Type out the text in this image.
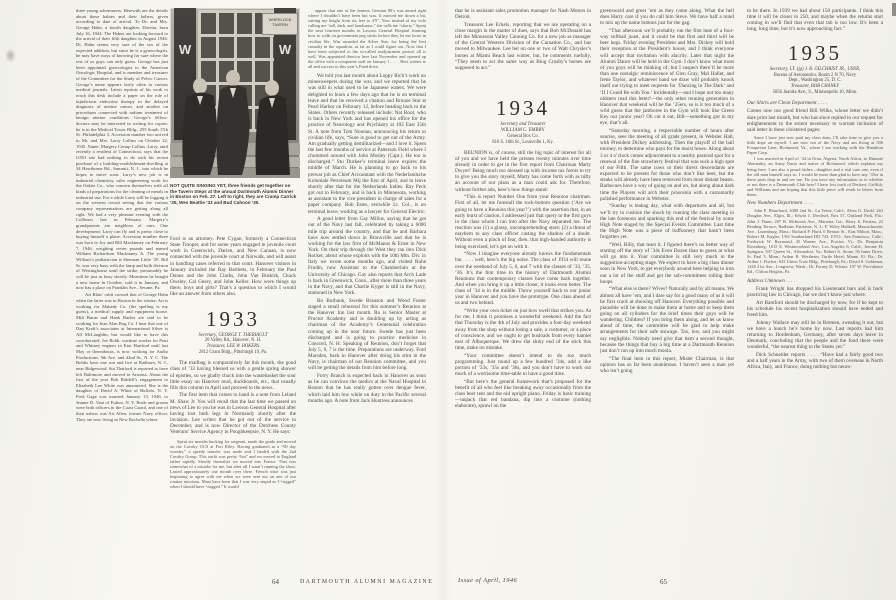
three young adventurers. Herewith are the details about these babies and their fathers, given according to date of arrival. To Dr. and Mrs. George Hahn, a fourth daughter, Doretta, born July 16, 1944. The Hahns are looking forward to the arrival of their fifth daughter in August 1946. Dr. Hahn seems very sure of the sex of the expected addition, but since he is a gynecologist, he may have ways of knowing for sure where the rest of us guys can only guess. George has just been appointed gynecologist to the American Oncologic Hospital, and is member and treasurer of the Committee for the Study of Pelvic Cancer. George’s name appears fairly often in various medical journals. Latest reprints of his work to reach this desk include a paper on the role of injudicious endocrine therapy in the delayed diagnosis of uterine cancer, and another on procedures connected with radium treatment of benign uterine conditions. George’s fellow-doctors may be interested in writing for copies: he is in the Medical Tower Bldg., 255 South 17th St. Philadelphia 3. Accession number two arrived to Mr. and Mrs. Larry Collins on October 22, 1945. Name: Margery Cresap Collins. Larry, until recently a resident of Connecticut, says that the UNO site had nothing to do with his recent purchase of a building-establishment-dwelling at 34 Hawthorne Rd., Summit, N. J., into which he hopes to move soon. Larry’s new job is in industrial chemistry, sales engineering work for the Oakite Co., who concern themselves with all kinds of preparations for the cleaning of metals in industrial use. For a while Larry will be logging it on the western circuit seeing that the various company representatives are getting along all right. We had a very pleasant evening with the Collinses late in February. Margery’s grandparents are neighbors of ours. One development: Larry can fly and is pretty close to buying himself a plane. Accession number three was born to Joy and Bill Mackinney on February 7, 1946, weighing seven pounds and named William Richardson Mackinney Jr. The young William’s pediatrician is Sherman Little ’29. Bill Sr. was very busy with the lamp and bulb division of Westinghouse until the strike; presumably he will be just as busy shortly. Meantime he bought a new home in October, sold it in January, and now has a place on Franklin Ave., Secane, Pa.

Art Blais’ orbit crossed that of George Hahn when the latter was in Boston in the winter; Art is working for Mahady Co. (the spelling is my guess), a medical supply and equipment house. Milt Burns and Hank Barber are said to be working for Jean Alan Rug Co. I hear that one of Dan Kraft’s associates at International Silver is Alf McLaughlin, but would like to have this corroborated. Joe Boldt, wartime worker for Pratt and Whitney engines in East Hartford until last May or thereabouts, is now working for Audio Productions, 9th Ave. and 42nd St., N. Y. C. The Boldts have one son and live at Radburn, N. J., near Ridgewood. Stu Thatford is reported to have left Baltimore and moved to Arizona. About the first of the year Bob Riddell’s engagement to Elizabeth Lee White was announced. She is the daughter of David A. White of Buffalo, N. Y. Fred Gage was married January 13, 1946, to Jeanne D. Vant of Fulton, N. Y. Bride and groom were both officers in the Coast Guard, and one of their ushers was Art Allen, former Navy officer. They are now living in New Rochelle where

W	W
WHEELOCK
TAVERN
NOT QUITE SINGING YET, three friends get together on the Tavern Steps at the annual Dartmouth Alumni Dinner in Boston on Feb. 27. Left to right, they are Cramp Carrick ’35, Wes Beattie ’33 and Bud Cahoon ’35.

Ford is an attorney. Pete Cygan, formerly a Connecticut State Trooper, and for some years engaged in juvenile court work in Greenwich, Darien, and New Canaan, is now connected with the juvenile court at Norwalk, and will assist in handling cases referred to that court. Hanover visitors in January included the Ray Bartletts, in February the Paul Dunns and the John Clarks, John Van Buskirk, Chuck Owsley, Cal Geary, and John Keller. How were things up there, boys and girls? That’s a question to which I would like an answer from others also.

1933

Secretary, GEORGE T. THERIAULT

20 Valley Rd., Hanover, N. H.

Treasurer, LEE W. BOKERS

2812 Grant Bldg., Pittsburgh 19, Pa.

The mailbag is comparatively fat this month, the good class of ’33 having blessed us with a gentle spring shower of epistles, so we gladly chuck into the wastebasket the sour little essay on Hanover mud, duckboards, etc., that usually fills this column in April and proceed to the news.

The first item that comes to hand is a note from Leland M. Shaw Jr. You will recall that the last time we passed on news of Lee to you he was in Lawson General Hospital after having lost both legs in Normandy shortly after the invasion. Lee writes that he got out of the service in December, and is now Director of the Dutchess County Veterans’ Service Agency in Poughkeepsie, N. Y. He says:

Spent six months bucking for sergeant, made the grade and moved on the Cavalry OCS at Fort Riley. Having graduated as a “90 day wonder,” a speedy transfer was made and I landed with the 2nd Cavalry Group. This outfit was pretty “hot” and we moved to England rather rapidly. Shortly thereafter we moved into France. That was somewhat of a mistake for me, but after all I wasn’t running the show. Lasted approximately one month over there. French wine was just beginning to agree with me when we were sent out on one of our routine missions. Must have been that I was very stupid as I “zigged” when I should have “zagged.” It would

appear that one of the famous German 88’s was aimed right where I shouldn’t have been but was. It mowed me down a bit, cutting my height from six feet to 4′9″. Now instead of my wife calling me “tall, dark, and handsome,” she calls me “shorty.” Spent the next fourteen months in Lawson General Hospital learning how to walk on government peg sticks before they let me loose in civilian life. Was awarded the Silver Star, for being the first casualty in the squadron, as far as I could figure out. Now that I have been subjected to the so-called readjustment period, all is well. Was appointed director here last November and opened up the office with a competent staff on January 1 . . . . Best wishes to all and success to this year’s Fund drive.

We told you last month about Loppy Rich’s work on minesweepers during the war, and we reported that he was still in what used to be Japanese waters. We were delighted to learn a few days ago that he is on terminal leave and that he received a citation and Bronze Star at Pearl Harbor on February 12, before heading back to the States. Others recently released include: Nat Root, who is back in New York and has opened his office for the practice of Neurology and Psychiatry at 102 East 35th St. A note from Tom Noonan, announcing his return to civilian life, says, “Sure is good to get out of the Army. Am gradually getting demilitarized—and I love it. Spent the last few months of service at Patterson Field where I chummed around with John Mosley (Capt.). He too is discharged.” Stu Durkee’s terminal leave expires the middle of March. He is planning to go back to his prewar job as Chief Accountant with the Nederlandsche Koloniale Petroleum Mij the first of April, and to leave shortly after that for the Netherlands Indies. Ray Peck got out in February, and is back in Minnesota, working as assistant to the vice president in charge of sales for a paper company. Bob Estes, erstwhile Lt. Col., is on terminal leave, working as a lawyer for General Electric.

A good letter from Gay Milius, saying that he got out of the Navy last fall, celebrated by taking a 6000 mile trip around the country, and that he and Barbara have now settled down in Bronxville and that he is working for the law firm of McManus & Ernst in New York. On their trip through the West they ran into Dick Rocker, about whose exploits with the 10th Mtn. Div. in Italy we wrote some months ago, and visited Rube Frodin, now Assistant to the Chamberlain at the University of Chicago. Gay also reports that Arch Lade is back in Greenwich, Conn., after more than three years in the Navy, and that Charlie Kyger is still in the Navy, stationed in New York.

Ro Burbank, Swede Branson and Wood Foster staged a small rehearsal for this summer’s Reunion at the Hanover Inn last month. Ro is Senior Master at Proctor Academy and is doubling up by acting as chairman of the Academy’s Centennial celebration coming up in the near future. Swede has just been discharged and is going to practice medicine in Concord, N. H. Speaking of Reunion, don’t forget that July 5, 6, 7 is the time. Preparations are underway. Ford Marsden, back in Hanover after doing his stint in the Navy, is chairman of our Reunion committee, and you will be getting the details from him before long.

Forry Branch is expected back in Hanover as soon as he can convince the medics at the Naval Hospital in Boston that he has really gotten over dengue fever, which laid him low while on duty in the Pacific several months ago. A note from Jack Huntress announces

64	DARTMOUTH ALUMNI MAGAZINE

that he is assistant sales promotion manager for Nash Motors in Detroit.

Treasurer Lee Eckels, reporting that we are operating on a close margin in the matter of dues, says that Bob McDonald has left the Minnesota Valley Canning Co. for a new job as manager of the Central Western Division of the Carnation Co., and has moved to Milwaukee. Lee bet on one or two of Walt Chrysler’s horses at Miami Beach last winter, but, he comments ruefully, “They seem to act the same way as Bing Crosby’s horses are supposed to act.”

1934

Secretary and Treasurer

WILLIAM C. EMBRY

General Box Co.

816 S. 16th St., Louisville 1, Ky.

REUNION is, of course, still the big topic of interest for all of you and we have held the presses twenty minutes over time already in order to get in the first report from Chairman Marty Dwyer! Being much too messed up with income tax forms to try to give you the story myself, Marty has come forth with as nifty an account of our plans as a man could ask for. Therefore, without further ado, here’s how things stand:

“This is report Number One from your Reunion chairman. First of all, let me forestall the rock-bottom question (‘Are we going to have a Reunion this year?’) with the assertion that, in an early burst of caution, I addressed just that query to the first guys in the class whom I ran into after the Navy separated me. The reaction was (1) a glassy, uncomprehending stare; (2) a threat of mayhem to any class officer casting the shadow of a doubt. Without even a pinch of fear, then, that high-handed authority is being exercised, let’s get on with it.

“Now I imagine everyone already knows the fundamentals but . . . . well, here’s the big noise. The class of 1934 will reune over the weekend of July 5, 6, and 7 with the classes of ’33, ’35, ’36. It’s the first time in the history of Dartmouth Alumni Reunions that contemporary classes have come back together. And when you bring it up a little closer, it looks even better. The class of ’34 is in the middle. Throw yourself back to our junior year in Hanover and you have the prototype. One class ahead of us and two behind.

“Write your own ticket on just how swell that strikes you. As for me, I think it promises a wonderful weekend. Add the fact that Thursday is the 4th of July and provides a four-day weekend away from the shop without losing a sale, a customer, or a piece of conscience, and we ought to get busloads from every hamlet east of Albuquerque. We drew the shiny end of the stick this time, make no mistake.

“Your committee doesn’t intend to do too much programming. Just round up a few hundred ’34s, add a like portion of ’33s, ’35s and ’36s, and you don’t have to work out much of a worrisome time-table to have a good time.

“But here’s the general framework that’s proposed for the benefit of all who feel like breaking away occasionally from the class beer tent and the old upright piano. Friday is basic training—unpack that red bandana, dip into a costume (nothing elaborate), sprawl on the

greensward and greet ’em as they come along. What the hell does Harry care if you do call him Steve. We have half a mind to mix up the name buttons just for the gag.

“That afternoon we’ll probably run the first heat of a four-way softball joust, and it could be that first and third will be beer kegs. Friday evening President and Mrs. Dickey will hold their reception at the President’s house, and I think everyone will accept that invitation with alacrity. Later that night the Alumni Dance will be held in the Gym. I don’t know what most of you guys will be thinking of, but I suspect there’ll be more than one nostalgic reminiscence of Glen Gray, Mal Hallet, and Irene Taylor, and whatever band we draw will probably knock itself out trying to meet requests for ‘Dancing in The Dark’ and ‘If I Could Be with You.’ Incidentally—and I hope not too many oldsters read this letter!—the only other reuning generation in Hanover that weekend will be the ’35ers, so is it too much of a wild guess that the jamboree in the Gym will look like Green Key our junior year? Oh cut it out, Bill—something got in my eye, that’s all.

“Saturday morning, a respectable number of hours after sunrise, sees the meeting of all grads present, in Webster Hall, with President Dickey addressing. Then the playoff of the ball tourney, to determine who pays for the moist hoses. Along about 3 or 4 o’clock comes adjournment to a nearby pastoral spot for a renewal of the fine strawberry festival that was such a high spot of our Fifth. The same cows or their direct descendants are expected to be present for those who don’t like beer, but the steaks will already have been removed from most distant beasts. Barbecues have a way of going on and on, but along about dark time the Players will arch their proscenia with a customarily polished performance in Webster.

“Sunday is teabag day, what with departures and all, but we’ll try to cushion the shock by running the class meeting in the late forenoon and sparking this end of the festival by some High Note staged by the Special Events Committee. Last time the High Note was a piece of buffoonery that hasn’t been forgotten yet.

“Well, Billy, that tears it. I figured there’s no better way of starting off the story of ’34s Even Dozen than to guess at what will go into it. Your committee is still very much in the suggestion-accepting stage. We expect to have a big class dinner soon in New York, to get everybody around here helping to iron out a lot of the stuff and get the sub-committees rolling their hoops.

“What else is there? Wives? Naturally and by all means. We almost all have ’em, and I dare say for a good many of us it will be first crack at showing off Hanover. Everything possible and plausible will be done to make them at home and to keep them going on all cylinders for the brief times their guys will be wandering. Children? If you bring them along, and let us know ahead of time, the committee will be glad to help make arrangements for their safe stowage. Tax, low, and you might say negligible. Nobody need give that item a second thought, because the things that buy a big time at a Dartmouth Reunion just don’t run up into much moola.

“The final item in this report, Mister Chairman, is that opinion has so far been unanimous. I haven’t seen a man yet who isn’t going

to be there. In 1939 we had about 150 participants. I think this time it will be closer to 250, and maybe when the returns start coming in we’ll find that even that tab is too low. It’s been a long, long time, but it’s now approaching fact.”

1935

Secretary, LT. (jg) J. B. GILCHRIST JR., USNR,

Bureau of Aeronautics, Room 2 N 70, Navy

Dept., Washington 25, D. C.

Treasurer, BOB CHANEY

5056 Juanita Ave., S., Minneapolis 10, Minn.

Our Shirts are Clean Department . . . .

Comes now our good friend Bill Wilks, whose letter we didn’t dare print last month, but who has since replied to our request for enlightenment to the extent necessary to warrant inclusion of said letter in these cloistered pages:

Since I have just now paid my class dues, I’ll take time to give you a little dope on myself. I am now out of the Navy and am living at 506 Fouqurean Lane, Richmond, Va., where I am working with the Hamilton Paper Corp.

I was married in April of ’44 in Oran, Algeria, North Africa, to Dimmie Abernathy, an Army Nurse and native of Richmond, which explains my being here. I am also a proud father—daughter and a real cute one, even if the old man himself says so. I would be more than glad to have any ’35er in these parts drop in and see me. Do you have any information as to whether or not there is a Dartmouth Club here? I have lost track of Deckert, Griffith, and Williams and am hoping that this little piece will result in letters from them.

New Numbers Department . . . .

John F. Blanchard, 2080 2nd St., La Verne, Calif.; Alvin G. Dodd, 263 Douglas Ave., Elgin, Ill.; Edwin J. Drechsel, Box 57, Oakland Park, Fla.; John J. Dunn, 207 B. McIntosh Ave., Marietta, Ga.; Harry S. Ferrian, 22 Reading Terrace, Radburn, Fairlawn, N. J.; F. Wiley Hubbell, Massachusetts Ave., Lunenburg, Mass.; Richard P. Hurd, 6 Benton St., East Milton, Mass.; Robert M. Kugler, USS Southerland DD 743, F.P.O., San Francisco, Calif.; Frederick W. Raymond, 45 Warner Ave., Proctor, Vt.; Dr. Benjamin Rosenberg, 1815 S. Westmoreland Ave., Los Angeles 6, Calif.; Jerome H. Spingarn, 507 Queen St., Alexandria, Va.; Robert A. Stone, 56 Inner Drive, St. Paul 5, Minn.; Arthur R. Wertheim, Turtle Hotel, Miami 10, Fla.; Dr. Arthur J. Fischer, 623 Union Trust Bldg., Pittsburgh, Pa.; David S. Goldman, 1328 21st Ave., Longview, Wash.; Dr. Forney D. Wisner, 107 W. Providence Rd., Clifton Heights, Pa.

Address Unknown . . . .

Frank Wright has dropped his Lieutenant bars and is back practicing law in Chicago, but we don’t know just where.

Art Bamford should be discharged by now, for if he kept to his schedule his recent hospitalization should have ended and freed him.

Johnny Wallace may still be in Bremen, sweating it out, but we have a hunch he’s home by now. Last reports had him returning to Hordenham, Germany, after seven days leave in Denmark, concluding that the people and the food there were wonderful, “the nearest thing to the States yet.”

Dick Schneider reports . . . . “Have had a fairly good two and a half years in the Army, with two of them overseas in North Africa, Italy, and France, doing nothing but neuro-

Issue of April, 1946	65
